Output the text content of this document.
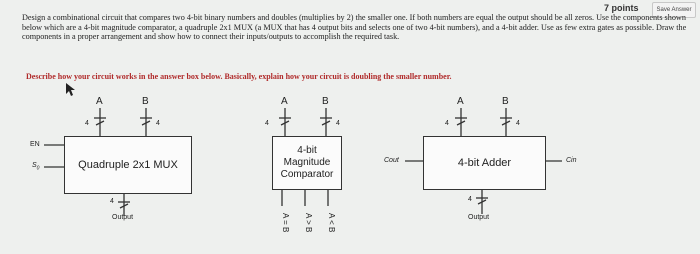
7 points	Save Answer
Design a combinational circuit that compares two 4-bit binary numbers and doubles (multiplies by 2) the smaller one. If both numbers are equal the output should be all zeros. Use the components shown below which are a 4-bit magnitude comparator, a quadruple 2x1 MUX (a MUX that has 4 output bits and selects one of two 4-bit numbers), and a 4-bit adder. Use as few extra gates as possible. Draw the components in a proper arrangement and show how to connect their inputs/outputs to accomplish the required task.
Describe how your circuit works in the answer box below. Basically, explain how your circuit is doubling the smaller number.
Quadruple 2x1 MUX
A	B
4	4
EN
$S_0$
4
Output
4-bit Magnitude Comparator
A	B
4	4
A = B A > B A < B
4-bit Adder
A	B
4	4
Cout	Cin
4
Output
